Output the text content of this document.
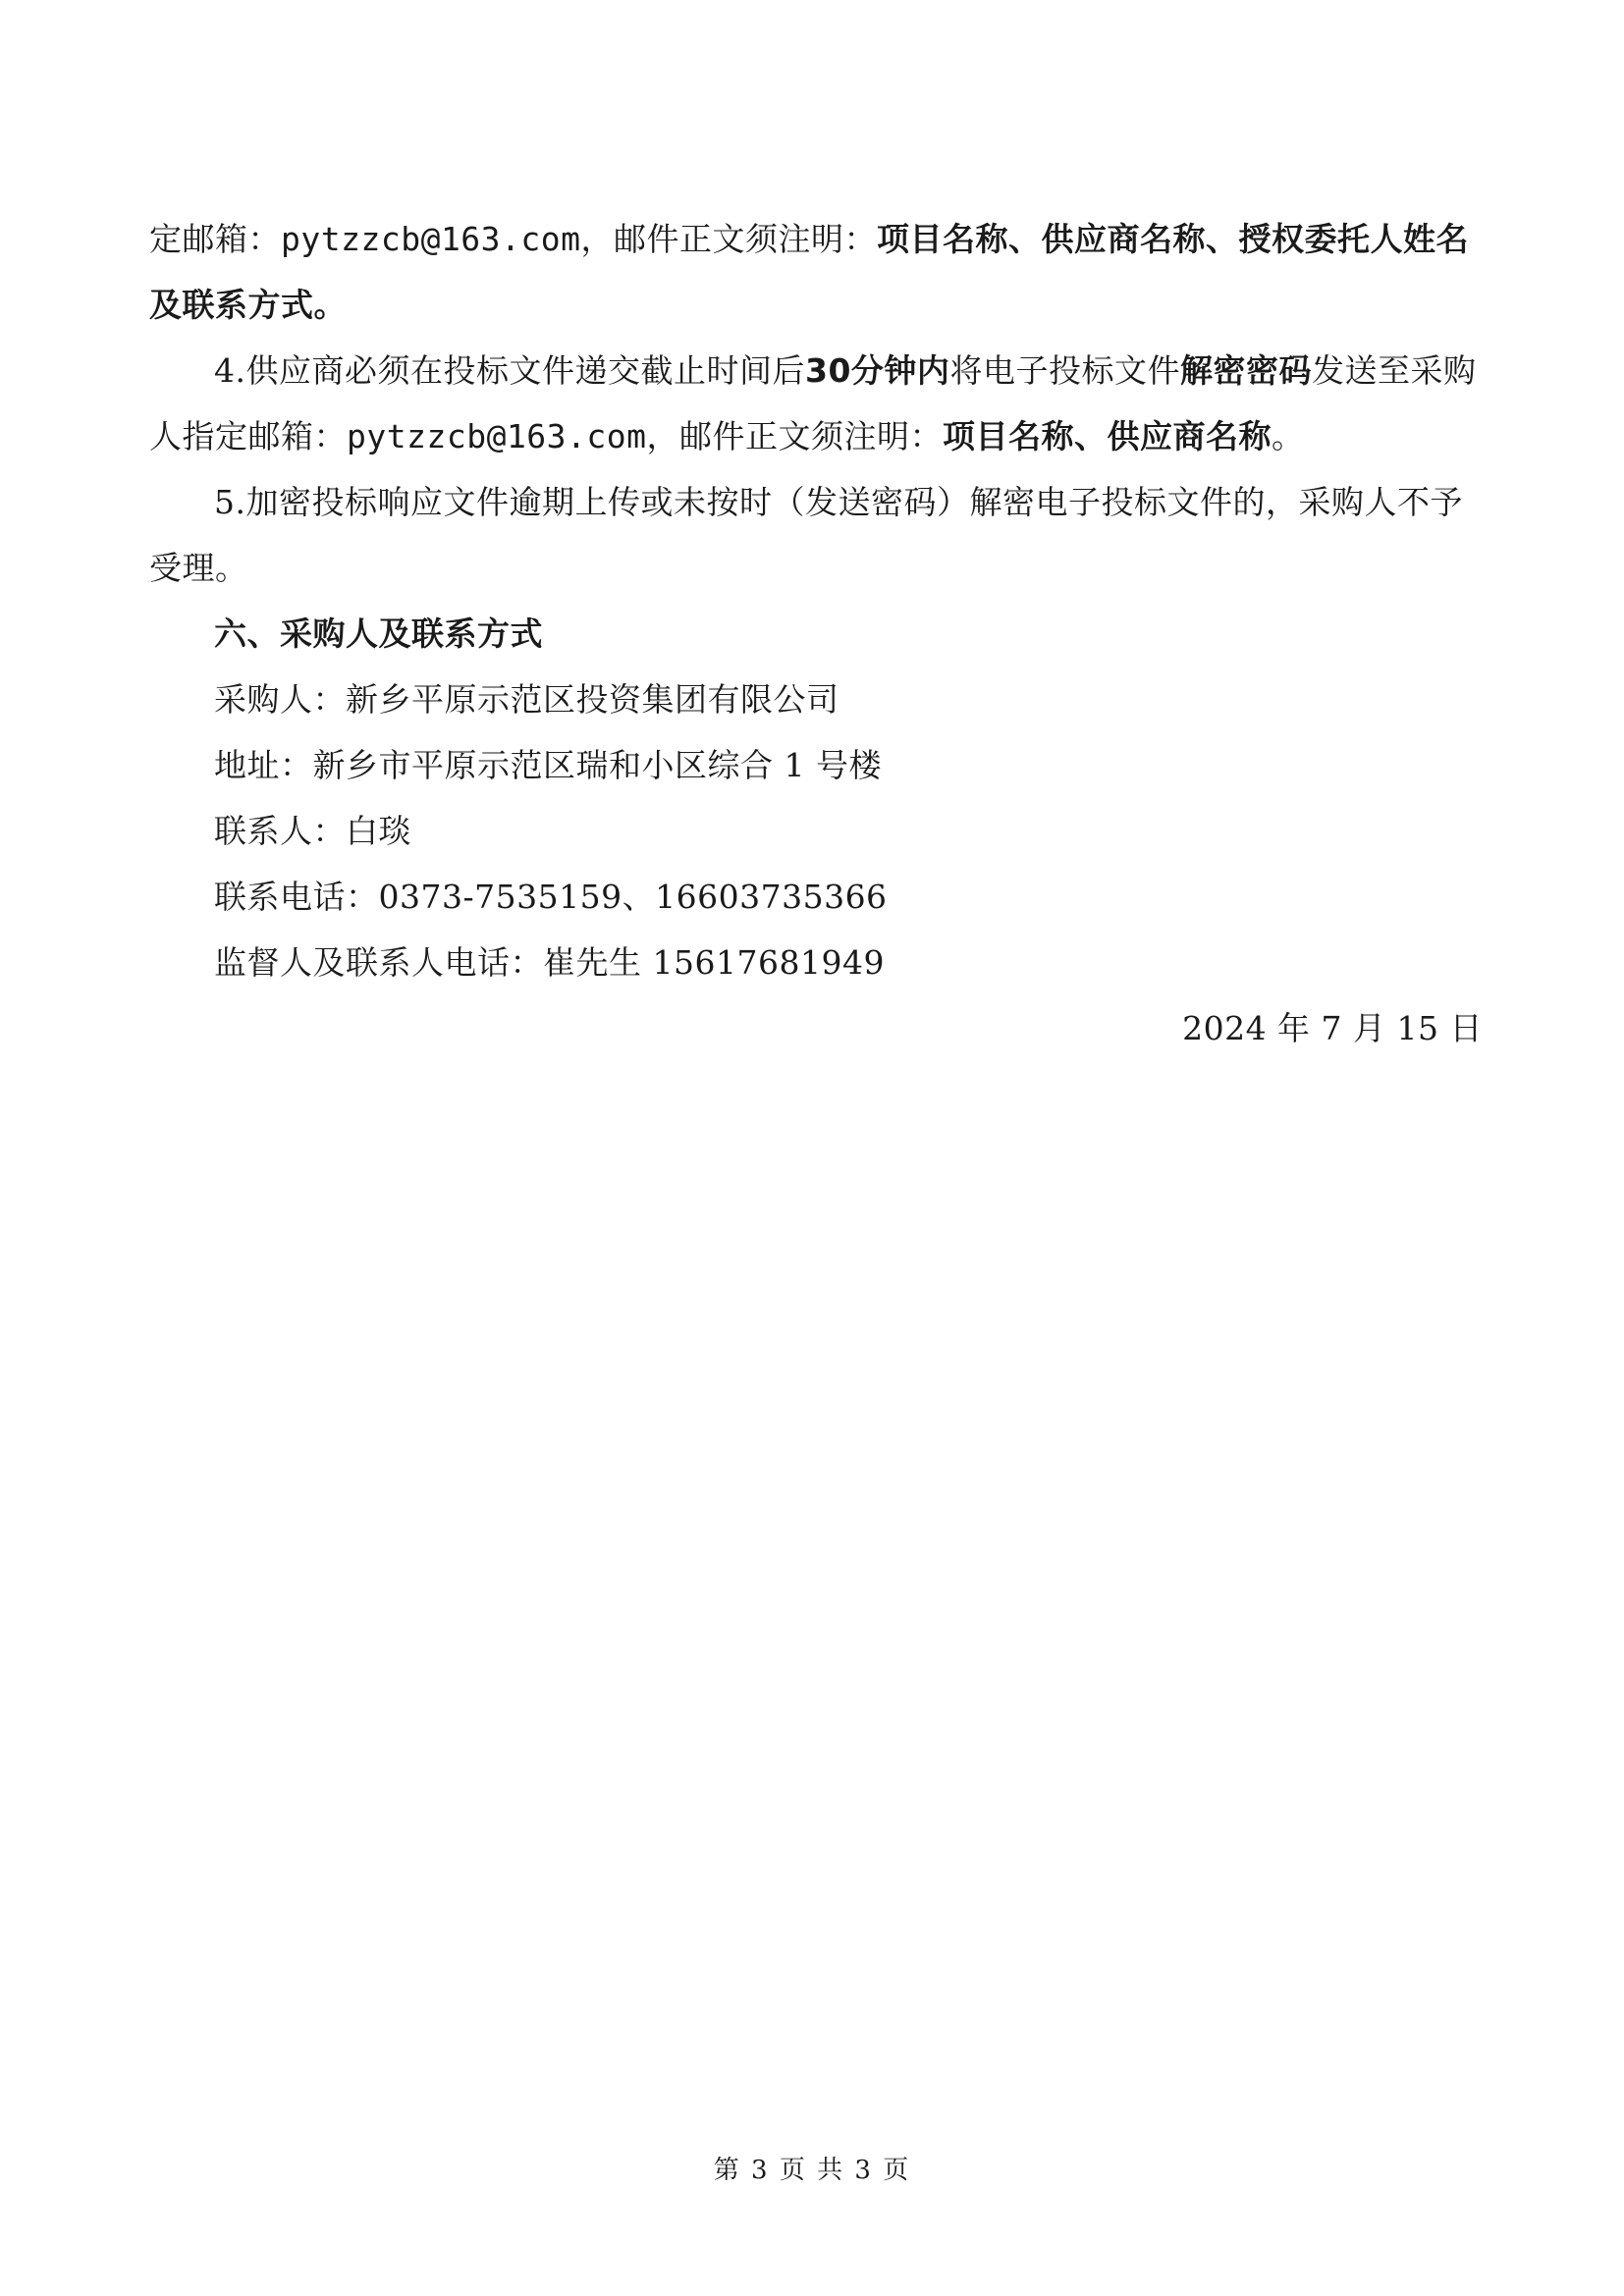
定邮箱：pytzzcb@163.com，邮件正文须注明：项目名称、供应商名称、授权委托人姓名及联系方式。

4.供应商必须在投标文件递交截止时间后30分钟内将电子投标文件解密密码发送至采购人指定邮箱：pytzzcb@163.com，邮件正文须注明：项目名称、供应商名称。

5.加密投标响应文件逾期上传或未按时（发送密码）解密电子投标文件的，采购人不予受理。

六、采购人及联系方式

采购人：新乡平原示范区投资集团有限公司

地址：新乡市平原示范区瑞和小区综合 1 号楼

联系人：白琰

联系电话：0373-7535159、16603735366

监督人及联系人电话：崔先生 15617681949

2024 年 7 月 15 日

第 3 页 共 3 页
